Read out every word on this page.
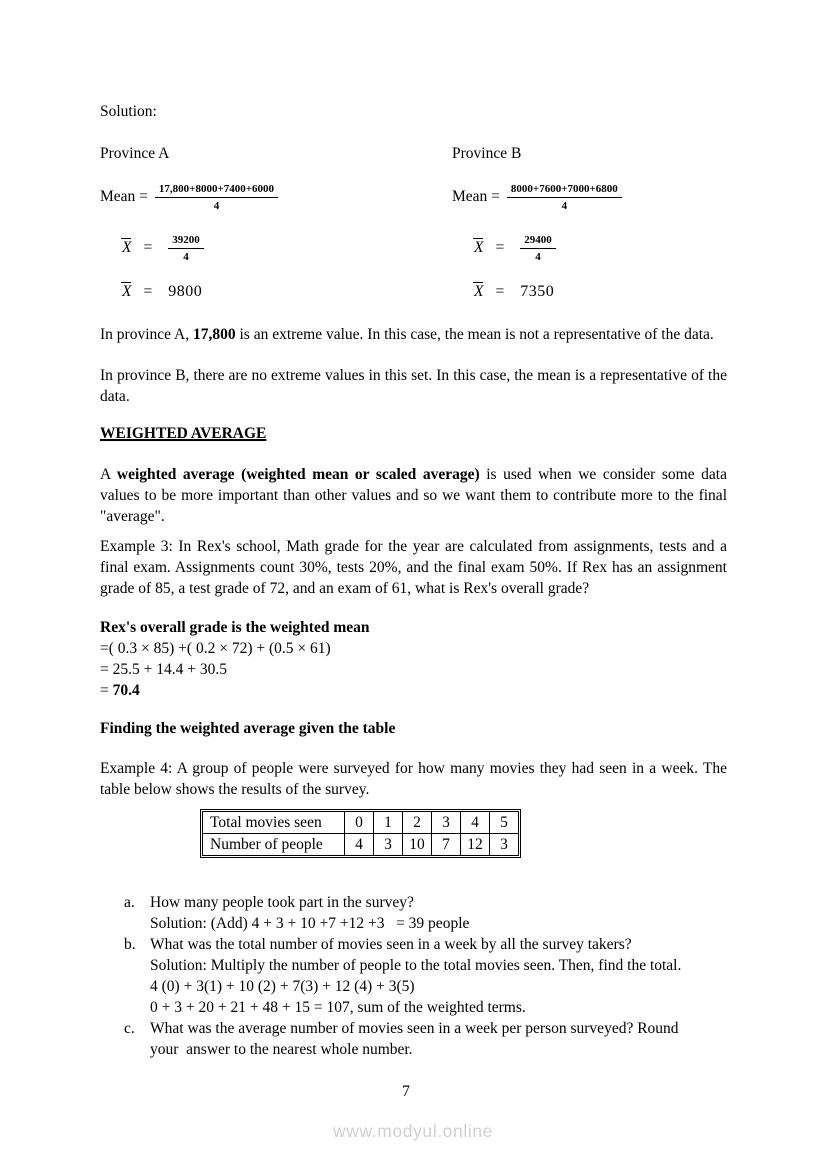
Solution:

Province A

Mean = $\frac{17,800+8000+7400+6000}{4}$
$X = \frac{39200}{4}$
X = 9800

Province B

Mean = $\frac{8000+7600+7000+6800}{4}$
$X = \frac{29400}{4}$
X = 7350

In province A, 17,800 is an extreme value. In this case, the mean is not a representative of the data.

In province B, there are no extreme values in this set. In this case, the mean is a representative of the data.

WEIGHTED AVERAGE

A weighted average (weighted mean or scaled average) is used when we consider some data values to be more important than other values and so we want them to contribute more to the final "average".

Example 3: In Rex's school, Math grade for the year are calculated from assignments, tests and a final exam. Assignments count 30%, tests 20%, and the final exam 50%. If Rex has an assignment grade of 85, a test grade of 72, and an exam of 61, what is Rex's overall grade?

Rex's overall grade is the weighted mean

=( 0.3 × 85) +( 0.2 × 72) + (0.5 × 61)

= 25.5 + 14.4 + 30.5

= 70.4

Finding the weighted average given the table

Example 4: A group of people were surveyed for how many movies they had seen in a week. The table below shows the results of the survey.

Total movies seen	0	1	2	3	4	5
Number of people	4	3	10	7	12	3
a. How many people took part in the survey?

Solution: (Add) 4 + 3 + 10 +7 +12 +3   = 39 people

b. What was the total number of movies seen in a week by all the survey takers?

Solution: Multiply the number of people to the total movies seen. Then, find the total.

4 (0) + 3(1) + 10 (2) + 7(3) + 12 (4) + 3(5)

0 + 3 + 20 + 21 + 48 + 15 = 107, sum of the weighted terms.

c. What was the average number of movies seen in a week per person surveyed? Round

your  answer to the nearest whole number.

7
www.modyul.online
